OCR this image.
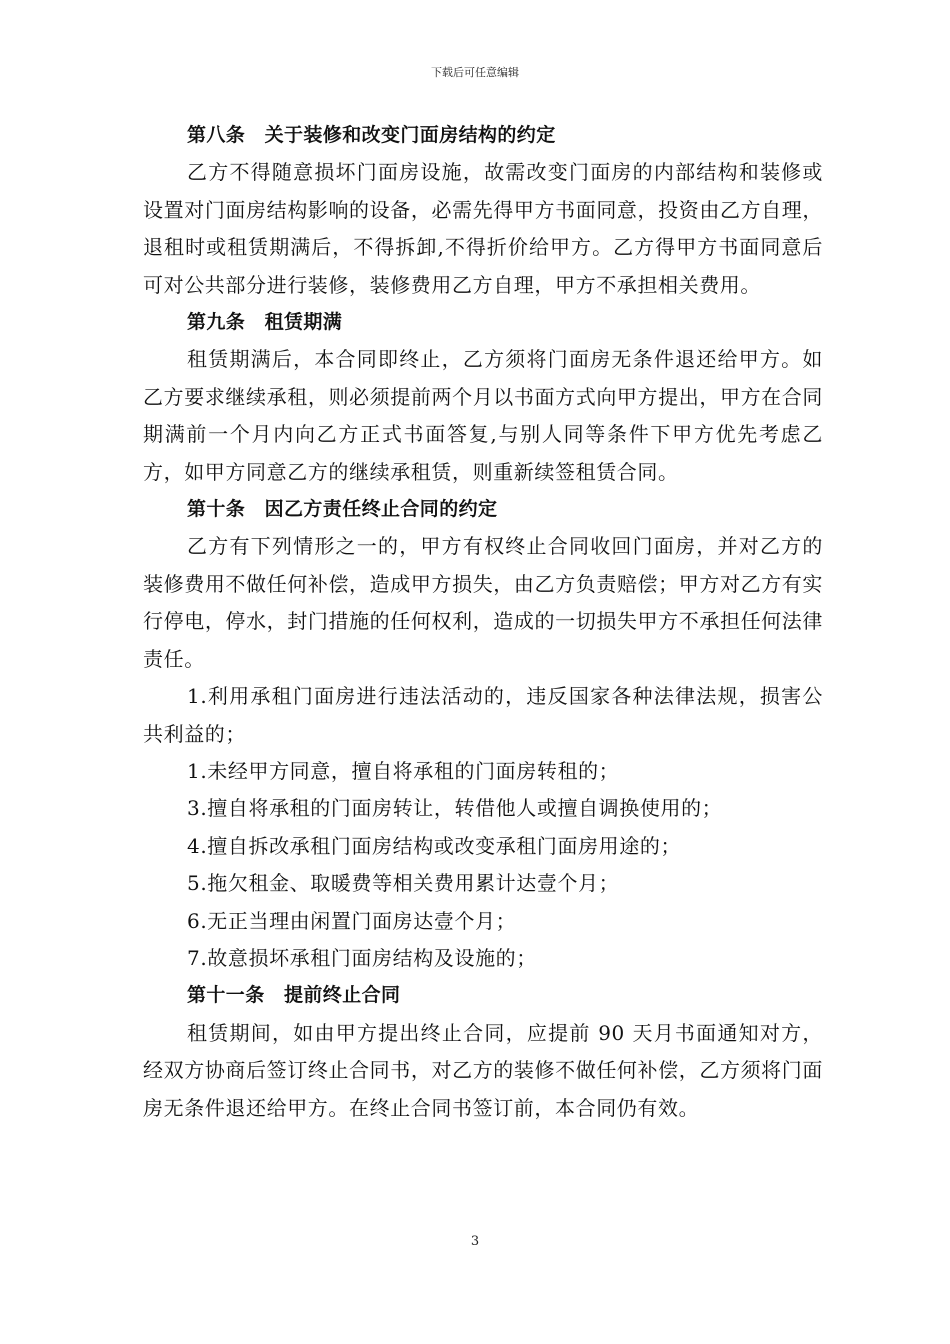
下载后可任意编辑

第八条　关于装修和改变门面房结构的约定

乙方不得随意损坏门面房设施，故需改变门面房的内部结构和装修或设置对门面房结构影响的设备，必需先得甲方书面同意，投资由乙方自理，退租时或租赁期满后，不得拆卸,不得折价给甲方。乙方得甲方书面同意后可对公共部分进行装修，装修费用乙方自理，甲方不承担相关费用。

第九条　租赁期满

租赁期满后，本合同即终止，乙方须将门面房无条件退还给甲方。如乙方要求继续承租，则必须提前两个月以书面方式向甲方提出，甲方在合同期满前一个月内向乙方正式书面答复,与别人同等条件下甲方优先考虑乙方，如甲方同意乙方的继续承租赁，则重新续签租赁合同。

第十条　因乙方责任终止合同的约定

乙方有下列情形之一的，甲方有权终止合同收回门面房，并对乙方的装修费用不做任何补偿，造成甲方损失，由乙方负责赔偿；甲方对乙方有实行停电，停水，封门措施的任何权利，造成的一切损失甲方不承担任何法律责任。

1.利用承租门面房进行违法活动的，违反国家各种法律法规，损害公共利益的；

1.未经甲方同意，擅自将承租的门面房转租的；

3.擅自将承租的门面房转让，转借他人或擅自调换使用的；

4.擅自拆改承租门面房结构或改变承租门面房用途的；

5.拖欠租金、取暖费等相关费用累计达壹个月；

6.无正当理由闲置门面房达壹个月；

7.故意损坏承租门面房结构及设施的；

第十一条　提前终止合同

租赁期间，如由甲方提出终止合同，应提前 90 天月书面通知对方，经双方协商后签订终止合同书，对乙方的装修不做任何补偿，乙方须将门面房无条件退还给甲方。在终止合同书签订前，本合同仍有效。

3
